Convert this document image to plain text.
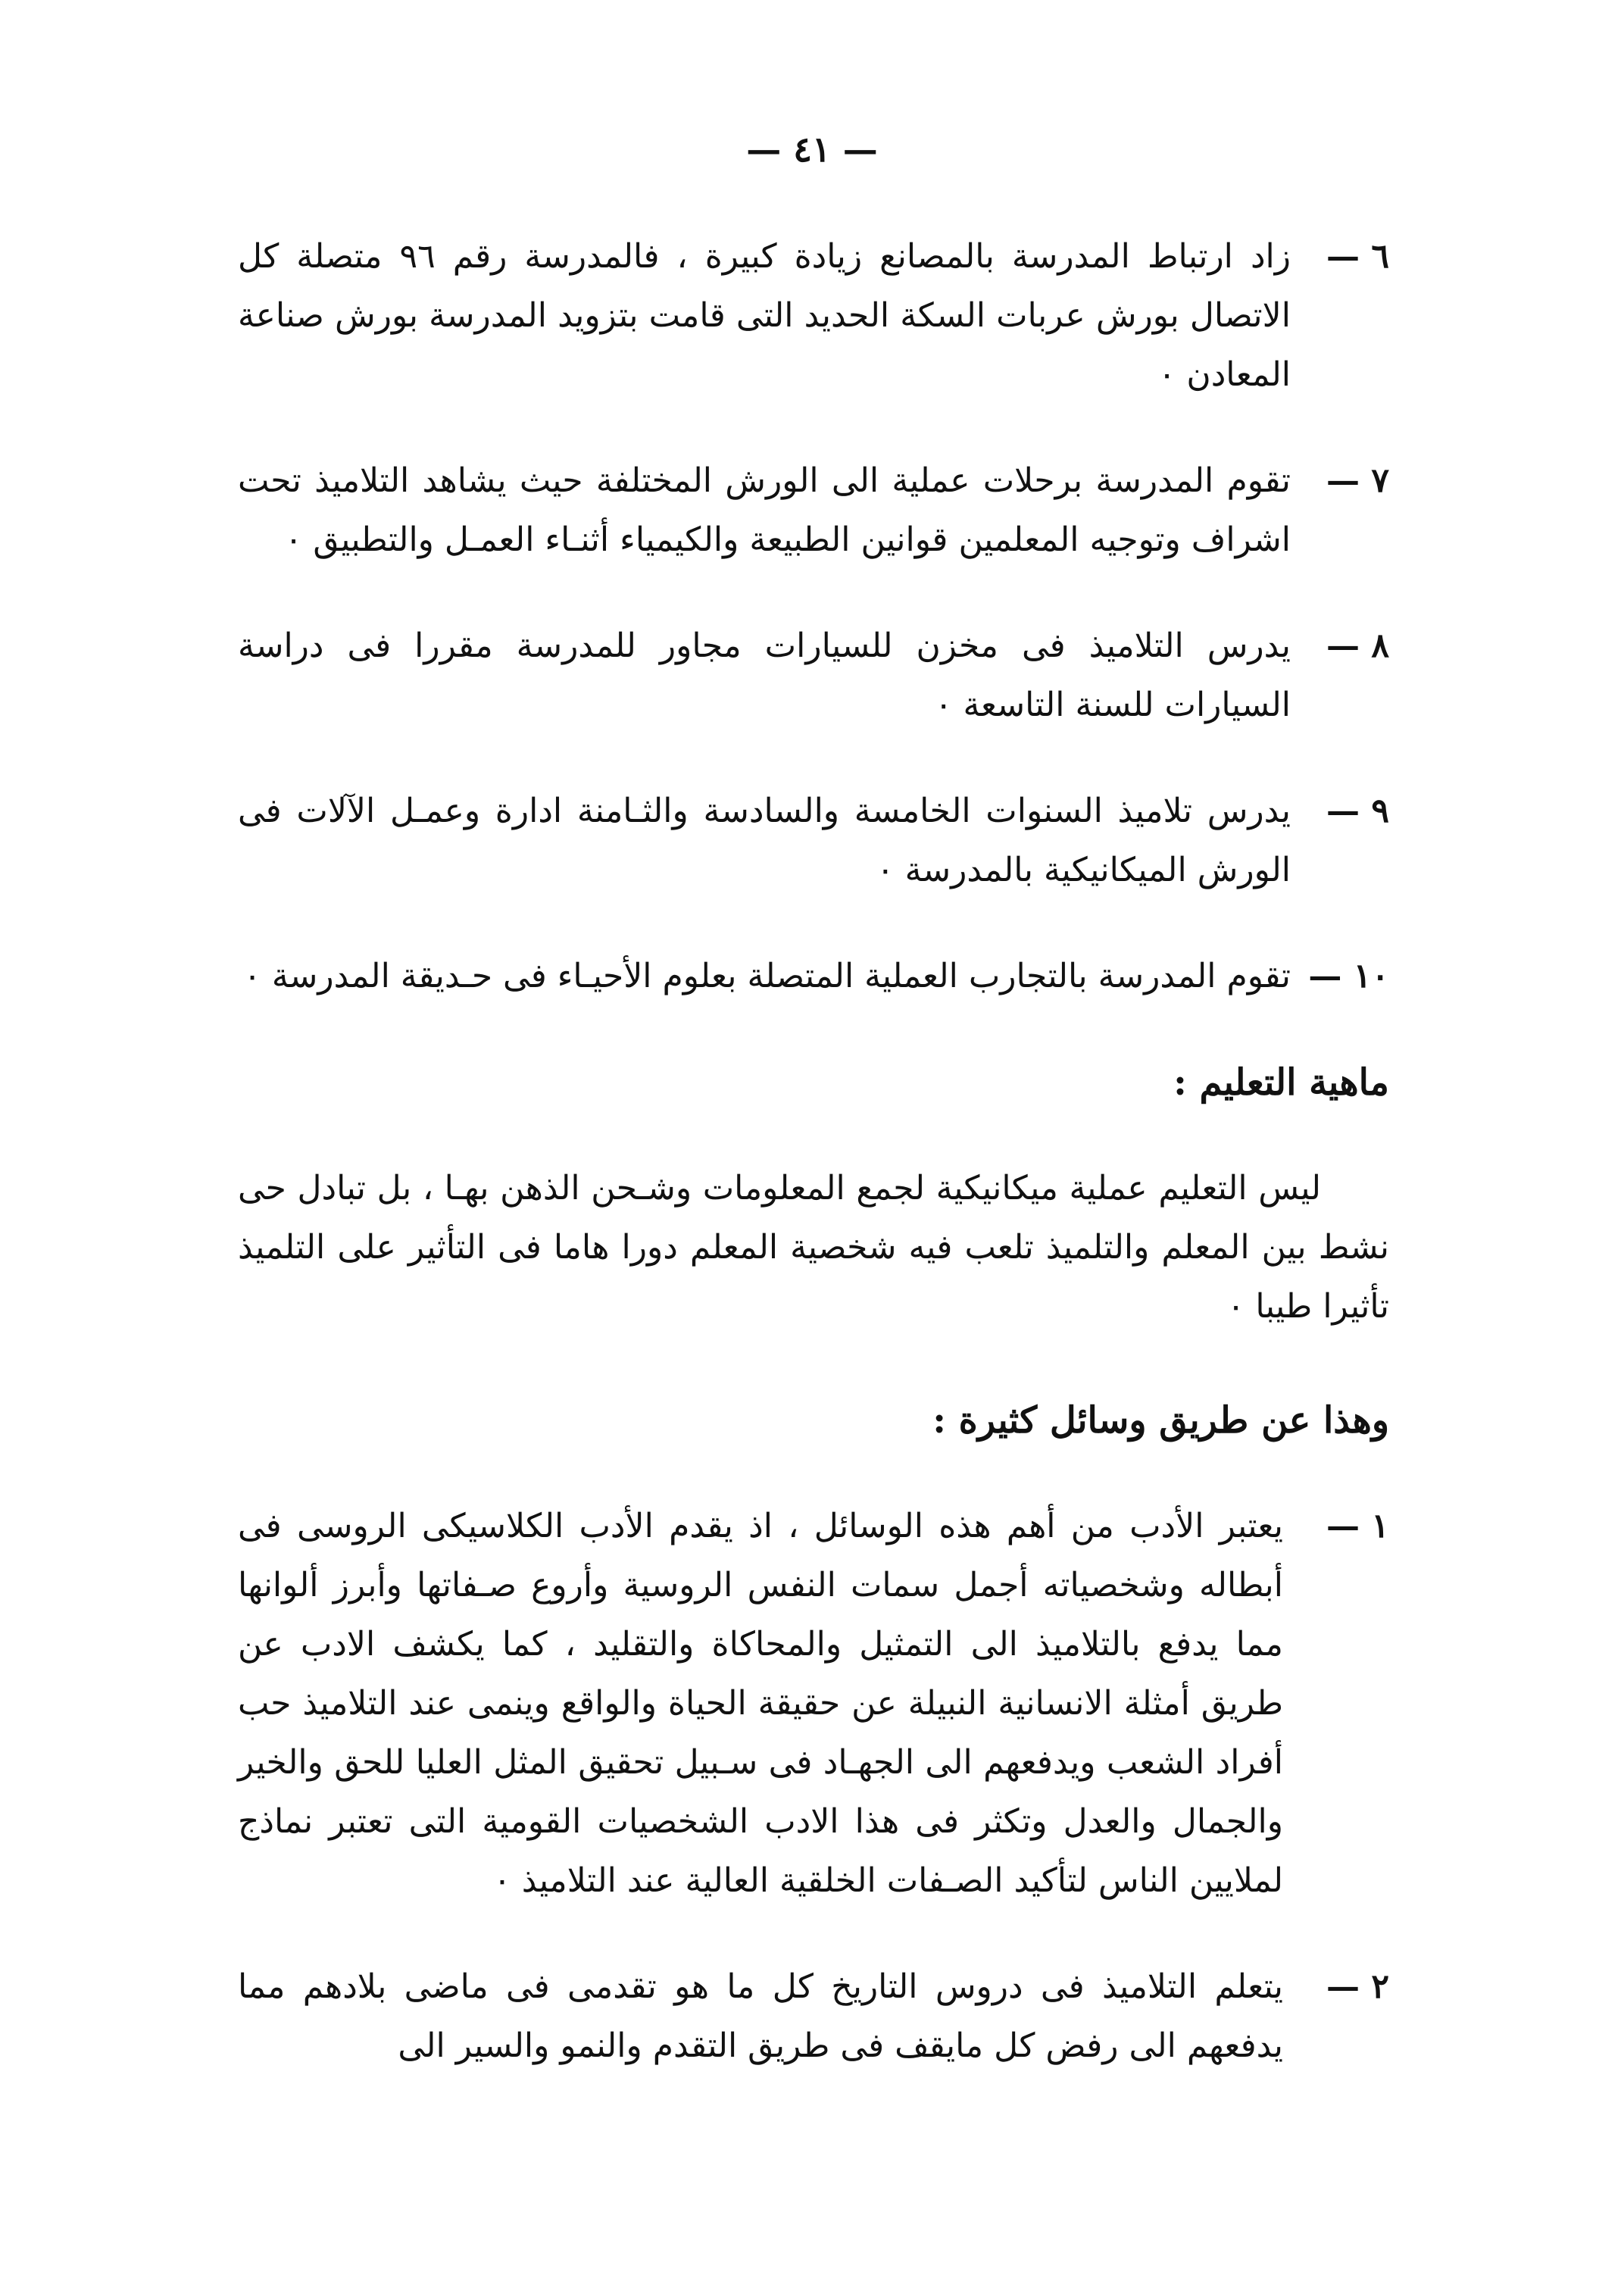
— ٤١ —
٦ —
زاد ارتباط المدرسة بالمصانع زيادة كبيرة ، فالمدرسة رقم ٩٦ متصلة كل الاتصال بورش عربات السكة الحديد التى قامت بتزويد المدرسة بورش صناعة المعادن ٠
٧ —
تقوم المدرسة برحلات عملية الى الورش المختلفة حيث يشاهد التلاميذ تحت اشراف وتوجيه المعلمين قوانين الطبيعة والكيمياء أثنـاء العمـل والتطبيق ٠
٨ —
يدرس التلاميذ فى مخزن للسيارات مجاور للمدرسة مقررا فى دراسة السيارات للسنة التاسعة ٠
٩ —
يدرس تلاميذ السنوات الخامسة والسادسة والثـامنة ادارة وعمـل الآلات فى الورش الميكانيكية بالمدرسة ٠
١٠ —
تقوم المدرسة بالتجارب العملية المتصلة بعلوم الأحيـاء فى حـديقة المدرسة ٠
ماهية التعليم :
ليس التعليم عملية ميكانيكية لجمع المعلومات وشـحن الذهن بهـا ، بل تبادل حى نشط بين المعلم والتلميذ تلعب فيه شخصية المعلم دورا هاما فى التأثير على التلميذ تأثيرا طيبا ٠
وهذا عن طريق وسائل كثيرة :
١ —
يعتبر الأدب من أهم هذه الوسائل ، اذ يقدم الأدب الكلاسيكى الروسى فى أبطاله وشخصياته أجمل سمات النفس الروسية وأروع صـفاتها وأبرز ألوانها مما يدفع بالتلاميذ الى التمثيل والمحاكاة والتقليد ، كما يكشف الادب عن طريق أمثلة الانسانية النبيلة عن حقيقة الحياة والواقع وينمى عند التلاميذ حب أفراد الشعب ويدفعهم الى الجهـاد فى سـبيل تحقيق المثل العليا للحق والخير والجمال والعدل وتكثر فى هذا الادب الشخصيات القومية التى تعتبر نماذج لملايين الناس لتأكيد الصـفات الخلقية العالية عند التلاميذ ٠
٢ —
يتعلم التلاميذ فى دروس التاريخ كل ما هو تقدمى فى ماضى بلادهم مما يدفعهم الى رفض كل مايقف فى طريق التقدم والنمو والسير الى
